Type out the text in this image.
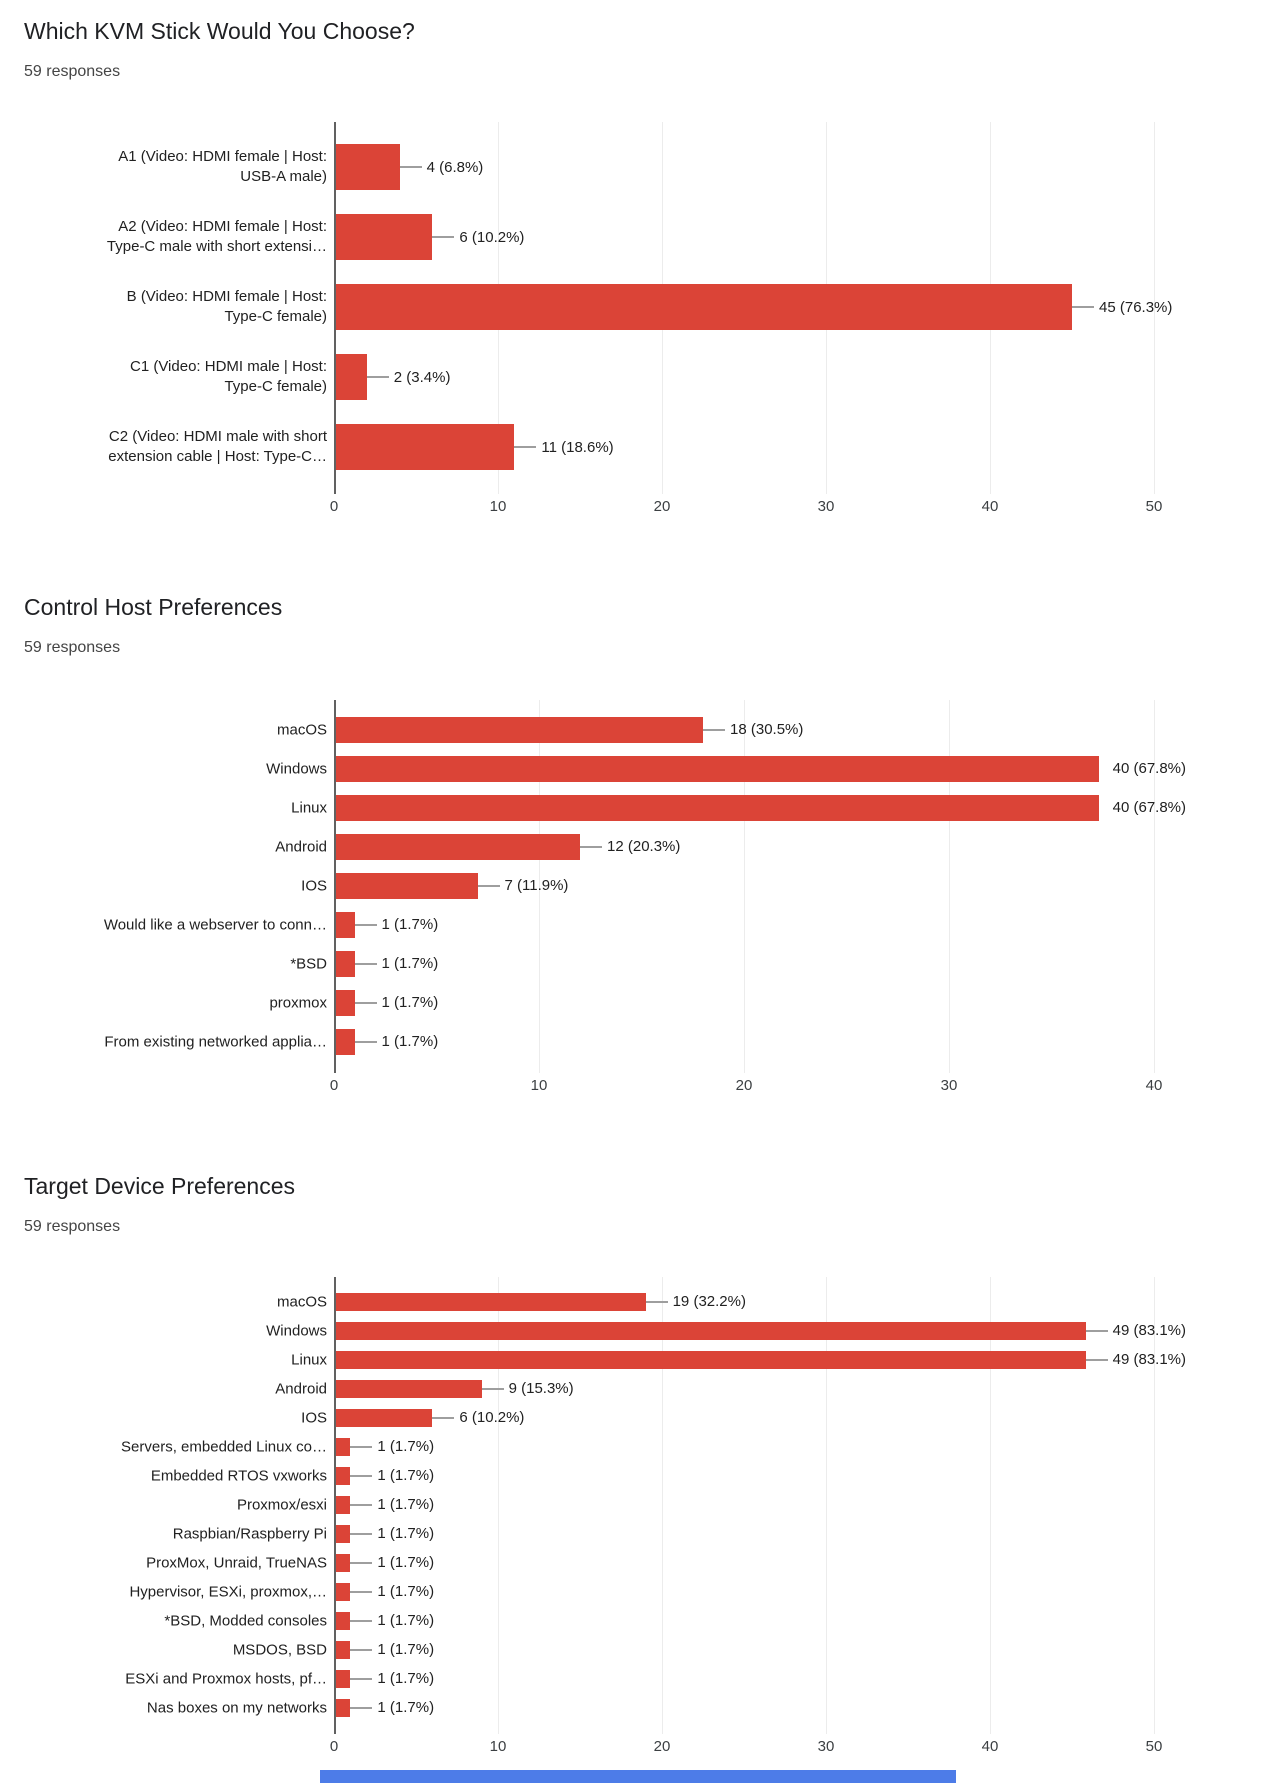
Which KVM Stick Would You Choose?

59 responses

A1 (Video: HDMI female | Host: USB-A male)
4 (6.8%)
A2 (Video: HDMI female | Host: Type-C male with short extensi…
6 (10.2%)
B (Video: HDMI female | Host: Type-C female)
45 (76.3%)
C1 (Video: HDMI male | Host: Type-C female)
2 (3.4%)
C2 (Video: HDMI male with short extension cable | Host: Type-C…
11 (18.6%)
0	10	20	30	40	50
Control Host Preferences

59 responses

macOS	18 (30.5%)
Windows	40 (67.8%)
Linux	40 (67.8%)
Android	12 (20.3%)
IOS	7 (11.9%)
Would like a webserver to conn…	1 (1.7%)
*BSD	1 (1.7%)
proxmox	1 (1.7%)
From existing networked applia…	1 (1.7%)
0	10	20	30	40
Target Device Preferences

59 responses

macOS	19 (32.2%)
Windows	49 (83.1%)
Linux	49 (83.1%)
Android	9 (15.3%)
IOS	6 (10.2%)
Servers, embedded Linux co…	1 (1.7%)
Embedded RTOS vxworks	1 (1.7%)
Proxmox/esxi	1 (1.7%)
Raspbian/Raspberry Pi	1 (1.7%)
ProxMox, Unraid, TrueNAS	1 (1.7%)
Hypervisor, ESXi, proxmox,…	1 (1.7%)
*BSD, Modded consoles	1 (1.7%)
MSDOS, BSD	1 (1.7%)
ESXi and Proxmox hosts, pf…	1 (1.7%)
Nas boxes on my networks	1 (1.7%)
0	10	20	30	40	50
